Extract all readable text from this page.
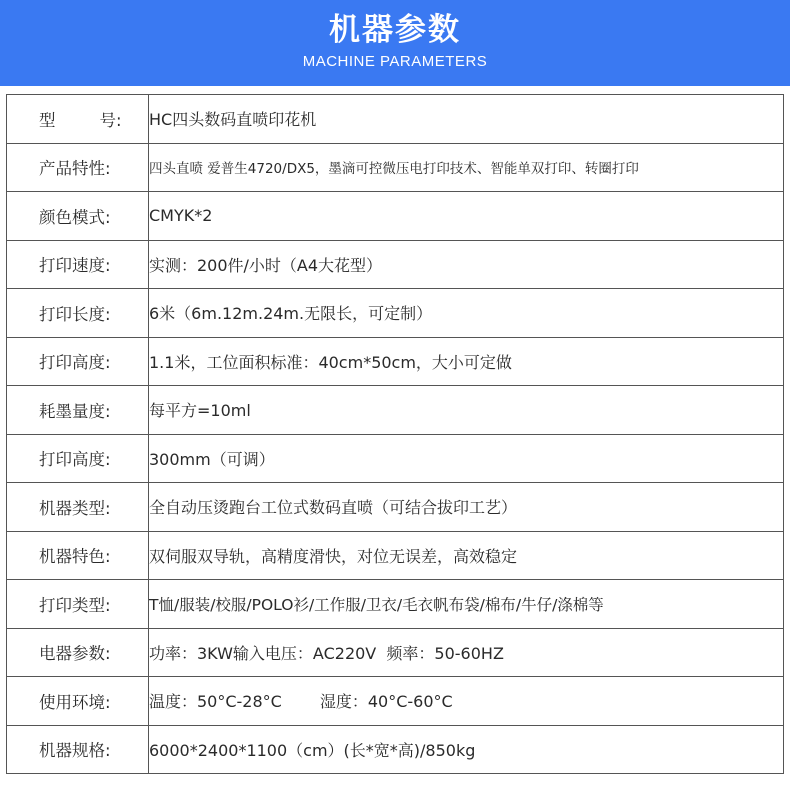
机器参数
MACHINE PARAMETERS
型 号:	HC四头数码直喷印花机

产品特性:	四头直喷 爱普生4720/DX5，墨滴可控微压电打印技术、智能单双打印、转圈打印

颜色模式:	CMYK*2

打印速度:	实测：200件/小时（A4大花型）

打印长度:	6米（6m.12m.24m.无限长，可定制）

打印高度:	1.1米，工位面积标准：40cm*50cm，大小可定做

耗墨量度:	每平方=10ml

打印高度:	300mm（可调）

机器类型:	全自动压烫跑台工位式数码直喷（可结合拔印工艺）

机器特色:	双伺服双导轨，高精度滑快，对位无误差，高效稳定

打印类型:	T恤/服装/校服/POLO衫/工作服/卫衣/毛衣帆布袋/棉布/牛仔/涤棉等

电器参数:	功率：3KW输入电压：AC220V  频率：50-60HZ

使用环境:	温度：50°C-28°C 湿度：40°C-60°C

机器规格:	6000*2400*1100（cm）(长*宽*高)/850kg
